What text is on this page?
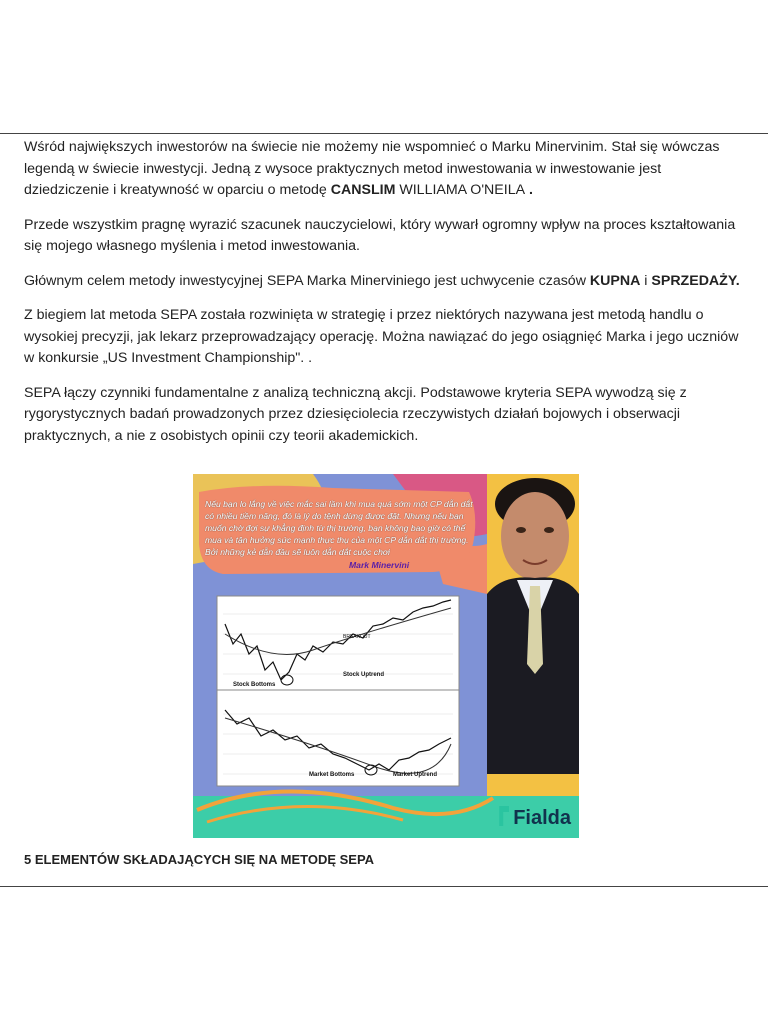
Wśród największych inwestorów na świecie nie możemy nie wspomnieć o Marku Minervinim. Stał się wówczas legendą w świecie inwestycji. Jedną z wysoce praktycznych metod inwestowania w inwestowanie jest dziedziczenie i kreatywność w oparciu o metodę CANSLIM WILLIAMA O'NEILA .

Przede wszystkim pragnę wyrazić szacunek nauczycielowi, który wywarł ogromny wpływ na proces kształtowania się mojego własnego myślenia i metod inwestowania.

Głównym celem metody inwestycyjnej SEPA Marka Minerviniego jest uchwycenie czasów KUPNA i SPRZEDAŻY.

Z biegiem lat metoda SEPA została rozwinięta w strategię i przez niektórych nazywana jest metodą handlu o wysokiej precyzji, jak lekarz przeprowadzający operację. Można nawiązać do jego osiągnięć Marka i jego uczniów w konkursie „US Investment Championship". .

SEPA łączy czynniki fundamentalne z analizą techniczną akcji. Podstawowe kryteria SEPA wywodzą się z rygorystycznych badań prowadzonych przez dziesięciolecia rzeczywistych działań bojowych i obserwacji praktycznych, a nie z osobistych opinii czy teorii akademickich.

Stock Bottoms
Stock Uptrend
BREAKOUT
Market Bottoms	Market Uptrend
Nếu bạn lo lắng về việc mắc sai lầm khi mua quá sớm một CP dẫn dắt có nhiều tiềm năng, đó là lý do tệnh dừng được đặt. Nhưng nếu bạn muốn chờ đợi sự khẳng định từ thị trường, bạn không bao giờ có thể mua và tận hưởng sức mạnh thực thụ của một CP dẫn dắt thị trường. Bởi những kẻ dẫn đầu sẽ luôn dẫn dắt cuộc chơi
Mark Minervini
Fialda
5 ELEMENTÓW SKŁADAJĄCYCH SIĘ NA METODĘ SEPA
